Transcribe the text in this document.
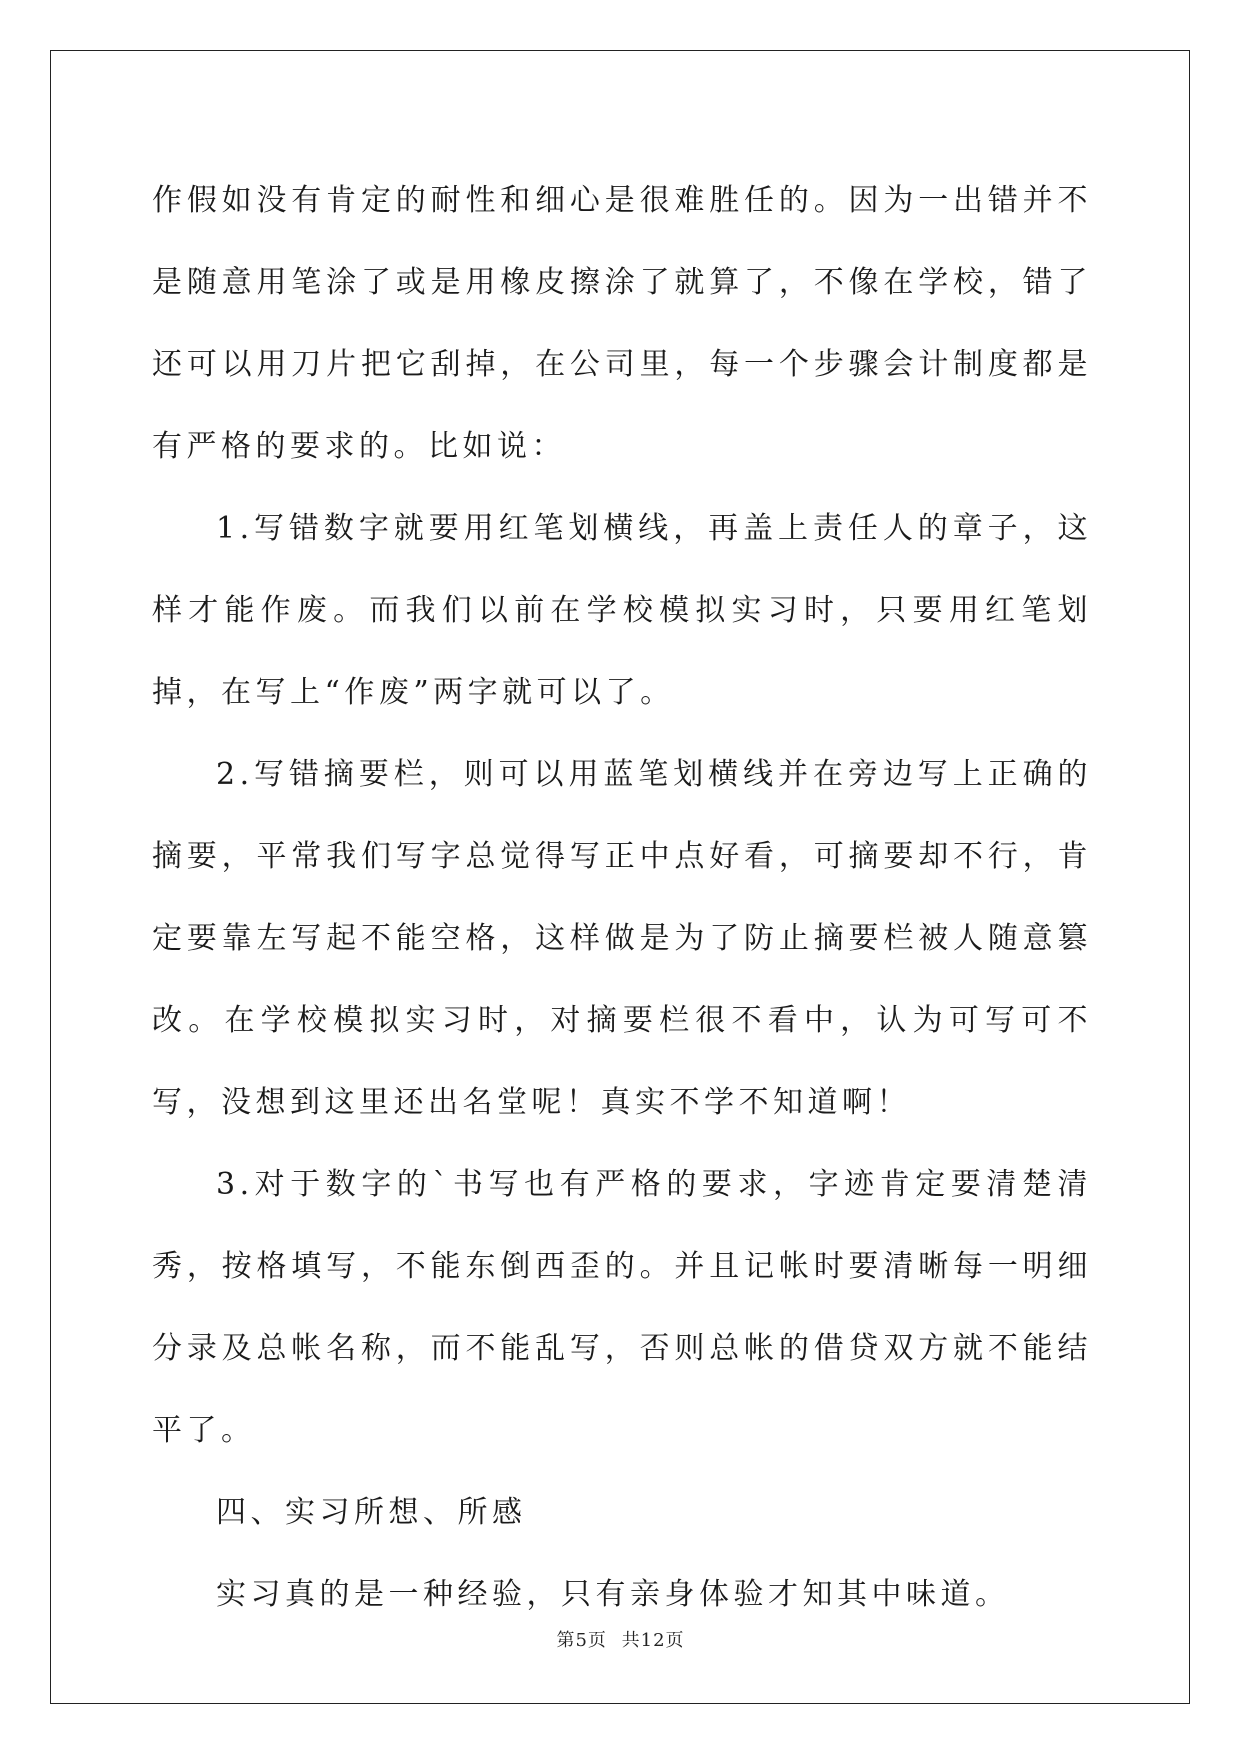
作假如没有肯定的耐性和细心是很难胜任的。因为一出错并不是随意用笔涂了或是用橡皮擦涂了就算了，不像在学校，错了还可以用刀片把它刮掉，在公司里，每一个步骤会计制度都是有严格的要求的。比如说：

1.写错数字就要用红笔划横线，再盖上责任人的章子，这样才能作废。而我们以前在学校模拟实习时，只要用红笔划掉，在写上“作废”两字就可以了。

2.写错摘要栏，则可以用蓝笔划横线并在旁边写上正确的摘要，平常我们写字总觉得写正中点好看，可摘要却不行，肯定要靠左写起不能空格，这样做是为了防止摘要栏被人随意篡改。在学校模拟实习时，对摘要栏很不看中，认为可写可不写，没想到这里还出名堂呢！真实不学不知道啊！

3.对于数字的`书写也有严格的要求，字迹肯定要清楚清秀，按格填写，不能东倒西歪的。并且记帐时要清晰每一明细分录及总帐名称，而不能乱写，否则总帐的借贷双方就不能结平了。

四、实习所想、所感

实习真的是一种经验，只有亲身体验才知其中味道。

第5页 共12页
